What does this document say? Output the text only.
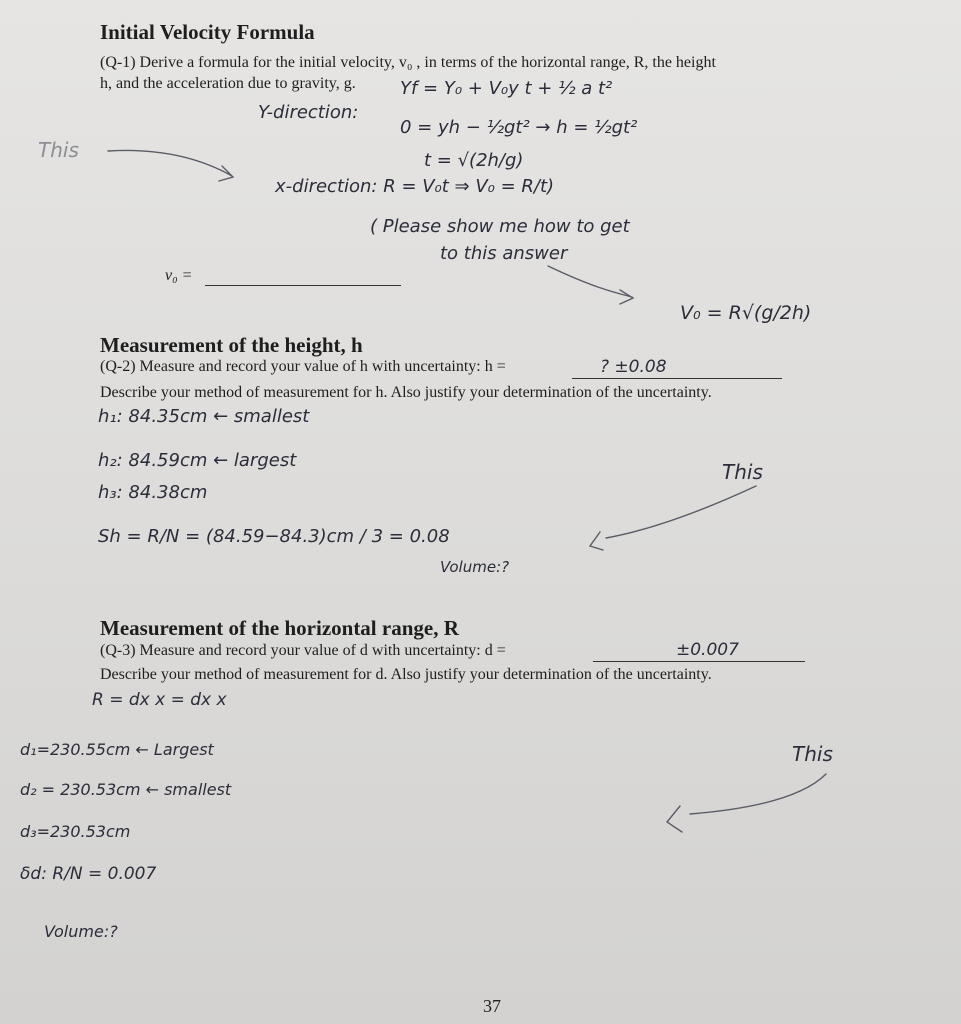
Initial Velocity Formula
(Q-1) Derive a formula for the initial velocity, v₀ , in terms of the horizontal range, R, the height
h, and the acceleration due to gravity, g. Yf = Y₀ + V₀y t + ½ a t²
Y-direction:
0 = yh − ½gt² → h = ½gt²
t = √(2h/g)
This
x-direction: R = V₀t ⇒ V₀ = R/t)
( Please show me how to get
to this answer
v₀ =
V₀ = R√(g/2h)
Measurement of the height, h
(Q-2) Measure and record your value of h with uncertainty: h =	? ±0.08
Describe your method of measurement for h. Also justify your determination of the uncertainty.
h₁: 84.35cm ← smallest
h₂: 84.59cm ← largest
h₃: 84.38cm
Sh = R/N = (84.59−84.3)cm / 3 = 0.08
Volume:?
This
Measurement of the horizontal range, R
(Q-3) Measure and record your value of d with uncertainty: d =	±0.007
Describe your method of measurement for d. Also justify your determination of the uncertainty.
R = dx x = dx x
d₁=230.55cm ← Largest
d₂ = 230.53cm ← smallest
d₃=230.53cm
δd: R/N = 0.007
Volume:?
This
37
